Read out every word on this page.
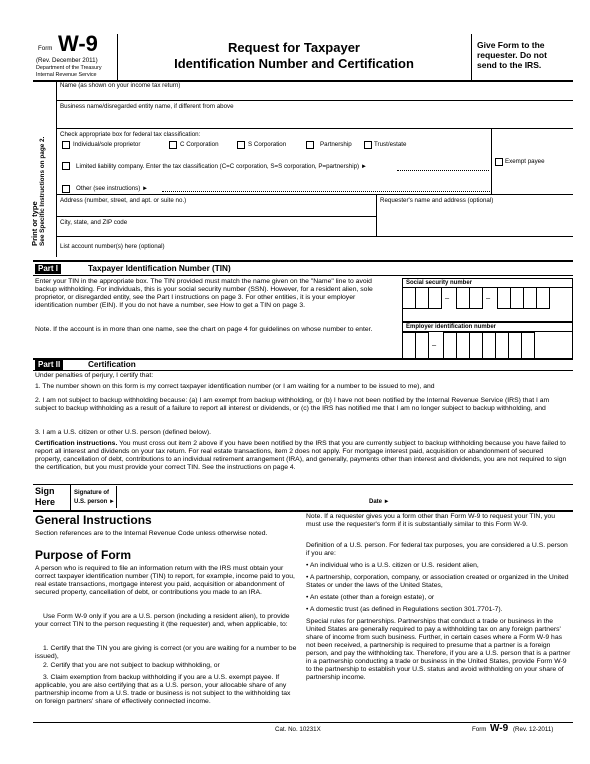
Form W-9
(Rev. December 2011)
Department of the Treasury
Internal Revenue Service
Request for Taxpayer
Identification Number and Certification
Give Form to the requester. Do not send to the IRS.
Print or type See Specific Instructions on page 2.
Name (as shown on your income tax return)
Business name/disregarded entity name, if different from above
Check appropriate box for federal tax classification:
Individual/sole proprietor	C Corporation	S Corporation	Partnership	Trust/estate
Limited liability company. Enter the tax classification (C=C corporation, S=S corporation, P=partnership) ►
Exempt payee
Other (see instructions) ►
Address (number, street, and apt. or suite no.)	Requester's name and address (optional)
City, state, and ZIP code
List account number(s) here (optional)
Part I	Taxpayer Identification Number (TIN)
Enter your TIN in the appropriate box. The TIN provided must match the name given on the "Name" line to avoid backup withholding. For individuals, this is your social security number (SSN). However, for a resident alien, sole proprietor, or disregarded entity, see the Part I instructions on page 3. For other entities, it is your employer identification number (EIN). If you do not have a number, see How to get a TIN on page 3.
Note. If the account is in more than one name, see the chart on page 4 for guidelines on whose number to enter.
Social security number
–	–
Employer identification number
–
Part II	Certification
Under penalties of perjury, I certify that:
1. The number shown on this form is my correct taxpayer identification number (or I am waiting for a number to be issued to me), and
2. I am not subject to backup withholding because: (a) I am exempt from backup withholding, or (b) I have not been notified by the Internal Revenue Service (IRS) that I am subject to backup withholding as a result of a failure to report all interest or dividends, or (c) the IRS has notified me that I am no longer subject to backup withholding, and
3. I am a U.S. citizen or other U.S. person (defined below).
Certification instructions. You must cross out item 2 above if you have been notified by the IRS that you are currently subject to backup withholding because you have failed to report all interest and dividends on your tax return. For real estate transactions, item 2 does not apply. For mortgage interest paid, acquisition or abandonment of secured property, cancellation of debt, contributions to an individual retirement arrangement (IRA), and generally, payments other than interest and dividends, you are not required to sign the certification, but you must provide your correct TIN. See the instructions on page 4.
Sign
Here
Signature of
U.S. person ►	Date ►
General Instructions
Section references are to the Internal Revenue Code unless otherwise noted.
Purpose of Form
A person who is required to file an information return with the IRS must obtain your correct taxpayer identification number (TIN) to report, for example, income paid to you, real estate transactions, mortgage interest you paid, acquisition or abandonment of secured property, cancellation of debt, or contributions you made to an IRA.
Use Form W-9 only if you are a U.S. person (including a resident alien), to provide your correct TIN to the person requesting it (the requester) and, when applicable, to:
1. Certify that the TIN you are giving is correct (or you are waiting for a number to be issued),
2. Certify that you are not subject to backup withholding, or
3. Claim exemption from backup withholding if you are a U.S. exempt payee. If applicable, you are also certifying that as a U.S. person, your allocable share of any partnership income from a U.S. trade or business is not subject to the withholding tax on foreign partners' share of effectively connected income.
Note. If a requester gives you a form other than Form W-9 to request your TIN, you must use the requester's form if it is substantially similar to this Form W-9.
Definition of a U.S. person. For federal tax purposes, you are considered a U.S. person if you are:
• An individual who is a U.S. citizen or U.S. resident alien,
• A partnership, corporation, company, or association created or organized in the United States or under the laws of the United States,
• An estate (other than a foreign estate), or
• A domestic trust (as defined in Regulations section 301.7701-7).
Special rules for partnerships. Partnerships that conduct a trade or business in the United States are generally required to pay a withholding tax on any foreign partners' share of income from such business. Further, in certain cases where a Form W-9 has not been received, a partnership is required to presume that a partner is a foreign person, and pay the withholding tax. Therefore, if you are a U.S. person that is a partner in a partnership conducting a trade or business in the United States, provide Form W-9 to the partnership to establish your U.S. status and avoid withholding on your share of partnership income.
Cat. No. 10231X	Form W-9 (Rev. 12-2011)
